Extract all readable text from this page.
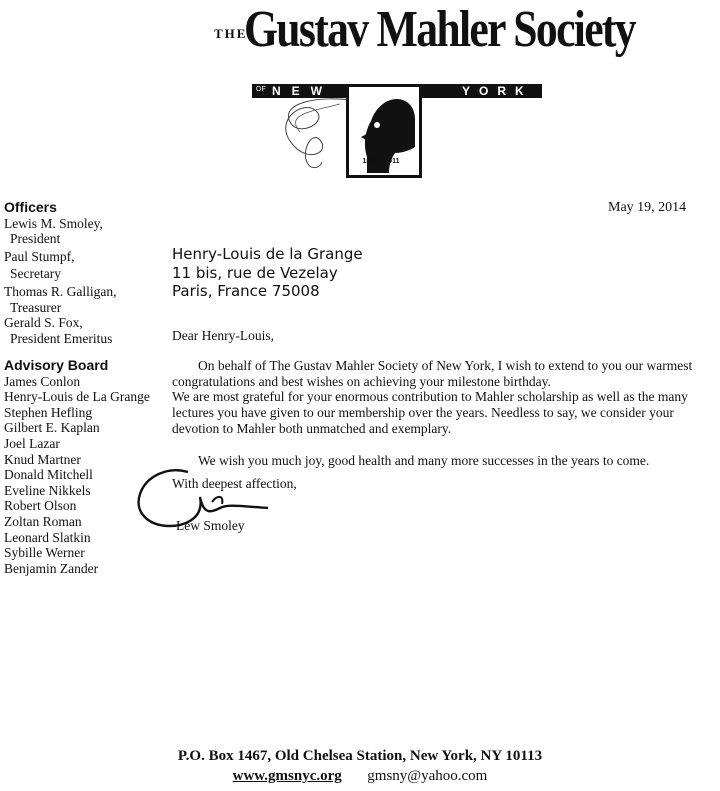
THE
Gustav Mahler Society
OF NEW	YORK
1860 - 1911
Officers
Lewis M. Smoley,
President
Paul Stumpf,
Secretary
Thomas R. Galligan,
Treasurer
Gerald S. Fox,
President Emeritus
Advisory Board
James Conlon
Henry-Louis de La Grange
Stephen Hefling
Gilbert E. Kaplan
Joel Lazar
Knud Martner
Donald Mitchell
Eveline Nikkels
Robert Olson
Zoltan Roman
Leonard Slatkin
Sybille Werner
Benjamin Zander
May 19, 2014
Henry-Louis de la Grange
11 bis, rue de Vezelay
Paris, France 75008
Dear Henry-Louis,

On behalf of The Gustav Mahler Society of New York, I wish to extend to you our warmest congratulations and best wishes on achieving your milestone birthday.

We are most grateful for your enormous contribution to Mahler scholarship as well as the many lectures you have given to our membership over the years. Needless to say, we consider your devotion to Mahler both unmatched and exemplary.

We wish you much joy, good health and many more successes in the years to come.

With deepest affection,
Lew Smoley
P.O. Box 1467, Old Chelsea Station, New York, NY 10113
www.gmsnyc.org gmsny@yahoo.com
